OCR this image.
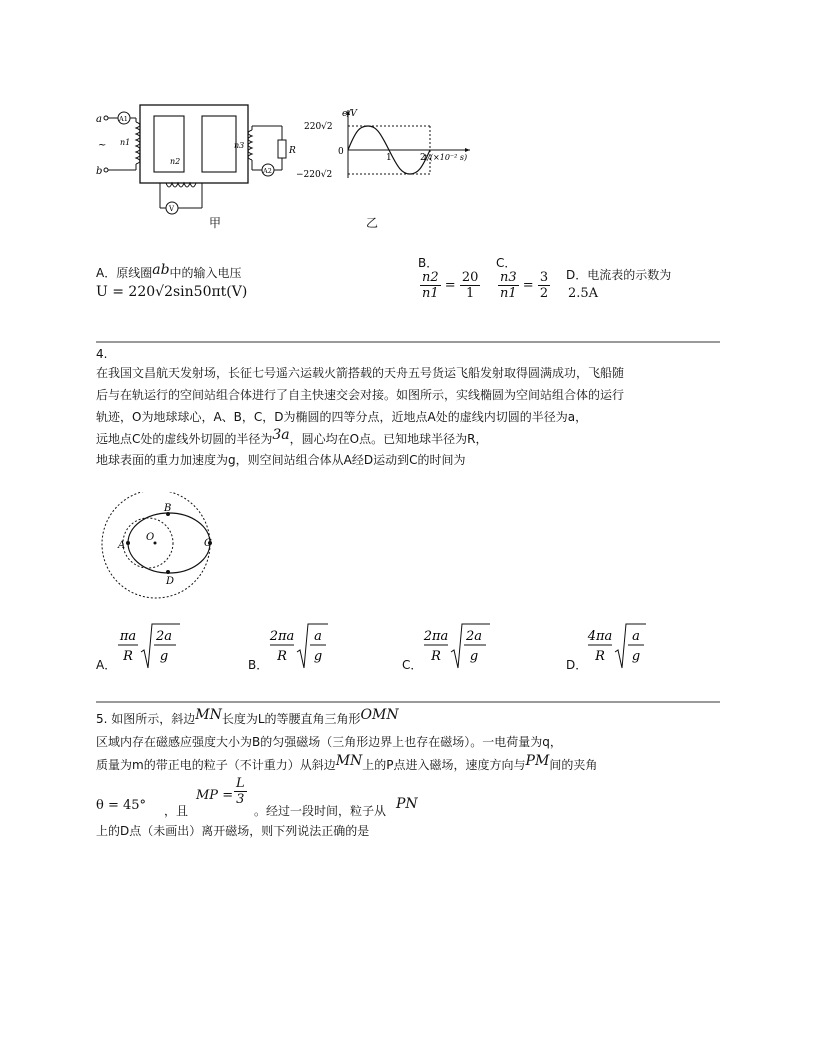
a
b
~
A1
A2
V
n1
n2
n3
R
甲
e/V
t/(×10⁻² s)
220√2
−220√2
0
1	2
乙
A．原线圈ab中的输入电压
U = 220√2sin50πt(V)
B．
$\frac{n2}{n1} = \frac{20}{1}$
C．
$\frac{n3}{n1} = \frac{3}{2}$ D．电流表的示数为
2.5A
4.
在我国文昌航天发射场，长征七号遥六运载火箭搭载的天舟五号货运飞船发射取得圆满成功，飞船随
后与在轨运行的空间站组合体进行了自主快速交会对接。如图所示，实线椭圆为空间站组合体的运行
轨迹，O为地球球心，A、B，C，D为椭圆的四等分点，近地点A处的虚线内切圆的半径为a，
远地点C处的虚线外切圆的半径为3a，圆心均在O点。已知地球半径为R，
地球表面的重力加速度为g，则空间站组合体从A经D运动到C的时间为
A
B
C
D
O
A．
πa
R
2a
g
B．
2πa
R
a
g
C．
2πa
R
2a
g
D．
4πa
R
a
g
5. 如图所示，斜边MN长度为L的等腰直角三角形OMN
区域内存在磁感应强度大小为B的匀强磁场（三角形边界上也存在磁场）。一电荷量为q，
质量为m的带正电的粒子（不计重力）从斜边MN上的P点进入磁场，速度方向与PM间的夹角
θ = 45° ，且
MP = $\frac{L}{3}$
。经过一段时间，粒子从 PN
上的D点（未画出）离开磁场，则下列说法正确的是
